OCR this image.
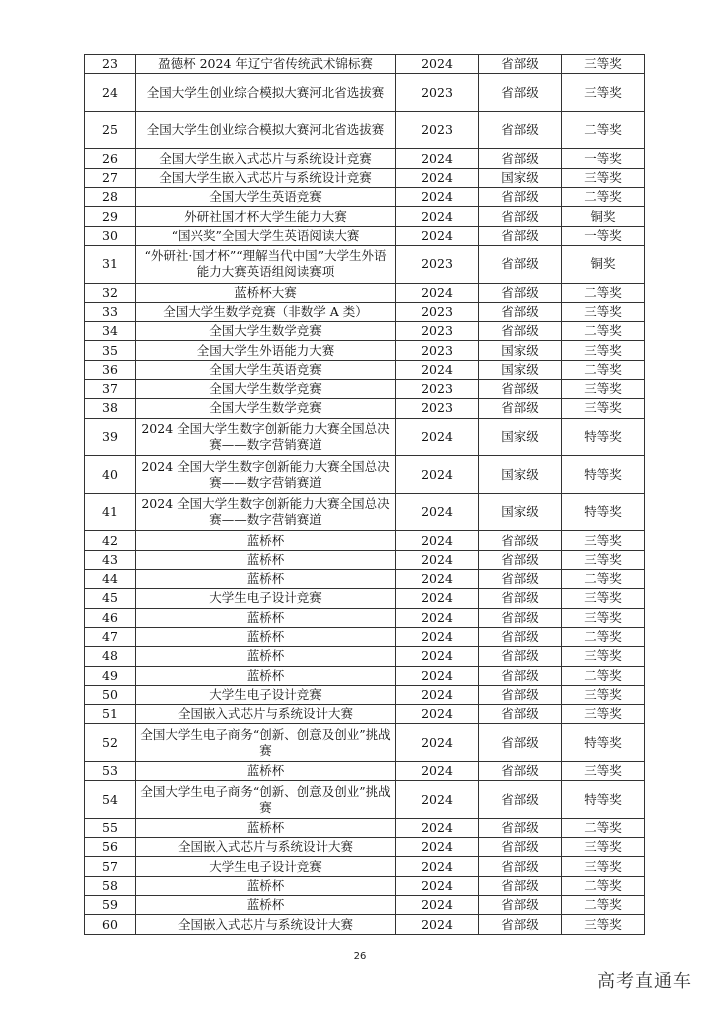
23	盈德杯 2024 年辽宁省传统武术锦标赛	2024	省部级	三等奖
24	全国大学生创业综合模拟大赛河北省选拔赛	2023	省部级	三等奖
25	全国大学生创业综合模拟大赛河北省选拔赛	2023	省部级	二等奖
26	全国大学生嵌入式芯片与系统设计竞赛	2024	省部级	一等奖
27	全国大学生嵌入式芯片与系统设计竞赛	2024	国家级	三等奖
28	全国大学生英语竞赛	2024	省部级	二等奖
29	外研社国才杯大学生能力大赛	2024	省部级	铜奖
30	“国兴奖”全国大学生英语阅读大赛	2024	省部级	一等奖
31	“外研社·国才杯”“理解当代中国”大学生外语能力大赛英语组阅读赛项	2023	省部级	铜奖
32	蓝桥杯大赛	2024	省部级	二等奖
33	全国大学生数学竞赛（非数学 A 类）	2023	省部级	三等奖
34	全国大学生数学竞赛	2023	省部级	二等奖
35	全国大学生外语能力大赛	2023	国家级	三等奖
36	全国大学生英语竞赛	2024	国家级	二等奖
37	全国大学生数学竞赛	2023	省部级	三等奖
38	全国大学生数学竞赛	2023	省部级	三等奖
39	2024 全国大学生数字创新能力大赛全国总决赛——数字营销赛道	2024	国家级	特等奖
40	2024 全国大学生数字创新能力大赛全国总决赛——数字营销赛道	2024	国家级	特等奖
41	2024 全国大学生数字创新能力大赛全国总决赛——数字营销赛道	2024	国家级	特等奖
42	蓝桥杯	2024	省部级	三等奖
43	蓝桥杯	2024	省部级	三等奖
44	蓝桥杯	2024	省部级	二等奖
45	大学生电子设计竞赛	2024	省部级	三等奖
46	蓝桥杯	2024	省部级	三等奖
47	蓝桥杯	2024	省部级	二等奖
48	蓝桥杯	2024	省部级	三等奖
49	蓝桥杯	2024	省部级	二等奖
50	大学生电子设计竞赛	2024	省部级	三等奖
51	全国嵌入式芯片与系统设计大赛	2024	省部级	三等奖
52	全国大学生电子商务“创新、创意及创业”挑战赛	2024	省部级	特等奖
53	蓝桥杯	2024	省部级	三等奖
54	全国大学生电子商务“创新、创意及创业”挑战赛	2024	省部级	特等奖
55	蓝桥杯	2024	省部级	二等奖
56	全国嵌入式芯片与系统设计大赛	2024	省部级	三等奖
57	大学生电子设计竞赛	2024	省部级	三等奖
58	蓝桥杯	2024	省部级	二等奖
59	蓝桥杯	2024	省部级	二等奖
60	全国嵌入式芯片与系统设计大赛	2024	省部级	三等奖
26
高考直通车
